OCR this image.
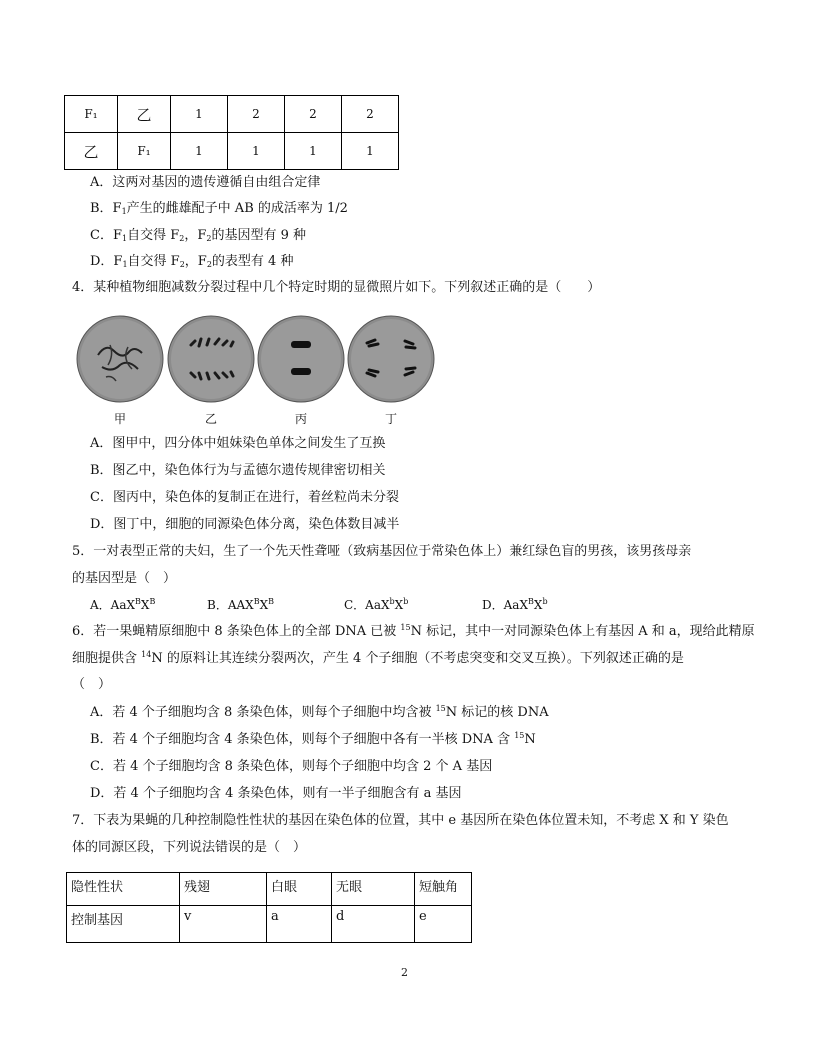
F₁	乙	1	2	2	2
乙	F₁	1	1	1	1
A．这两对基因的遗传遵循自由组合定律
B．$F_1$产生的雌雄配子中 AB 的成活率为 1/2
C．$F_1$自交得 $F_2$，$F_2$的基因型有 9 种
D．$F_1$自交得 $F_2$，$F_2$的表型有 4 种
4．某种植物细胞减数分裂过程中几个特定时期的显微照片如下。下列叙述正确的是（　　）
甲	乙	丙	丁
A．图甲中，四分体中姐妹染色单体之间发生了互换
B．图乙中，染色体行为与孟德尔遗传规律密切相关
C．图丙中，染色体的复制正在进行，着丝粒尚未分裂
D．图丁中，细胞的同源染色体分离，染色体数目减半
5．一对表型正常的夫妇，生了一个先天性聋哑（致病基因位于常染色体上）兼红绿色盲的男孩，该男孩母亲
的基因型是（　）
A．$AaX^BX^B$	B．$AAX^BX^B$	C．$AaX^bX^b$	D．$AaX^BX^b$
6．若一果蝇精原细胞中 8 条染色体上的全部 DNA 已被 $^{15}$N 标记，其中一对同源染色体上有基因 A 和 a，现给此精原
细胞提供含 $^{14}$N 的原料让其连续分裂两次，产生 4 个子细胞（不考虑突变和交叉互换）。下列叙述正确的是
（　）
A．若 4 个子细胞均含 8 条染色体，则每个子细胞中均含被 $^{15}$N 标记的核 DNA
B．若 4 个子细胞均含 4 条染色体，则每个子细胞中各有一半核 DNA 含 $^{15}$N
C．若 4 个子细胞均含 8 条染色体，则每个子细胞中均含 2 个 A 基因
D．若 4 个子细胞均含 4 条染色体，则有一半子细胞含有 a 基因
7．下表为果蝇的几种控制隐性性状的基因在染色体的位置，其中 e 基因所在染色体位置未知，不考虑 X 和 Y 染色
体的同源区段，下列说法错误的是（　）
隐性性状	残翅	白眼	无眼	短触角
控制基因	v	a	d	e
2
